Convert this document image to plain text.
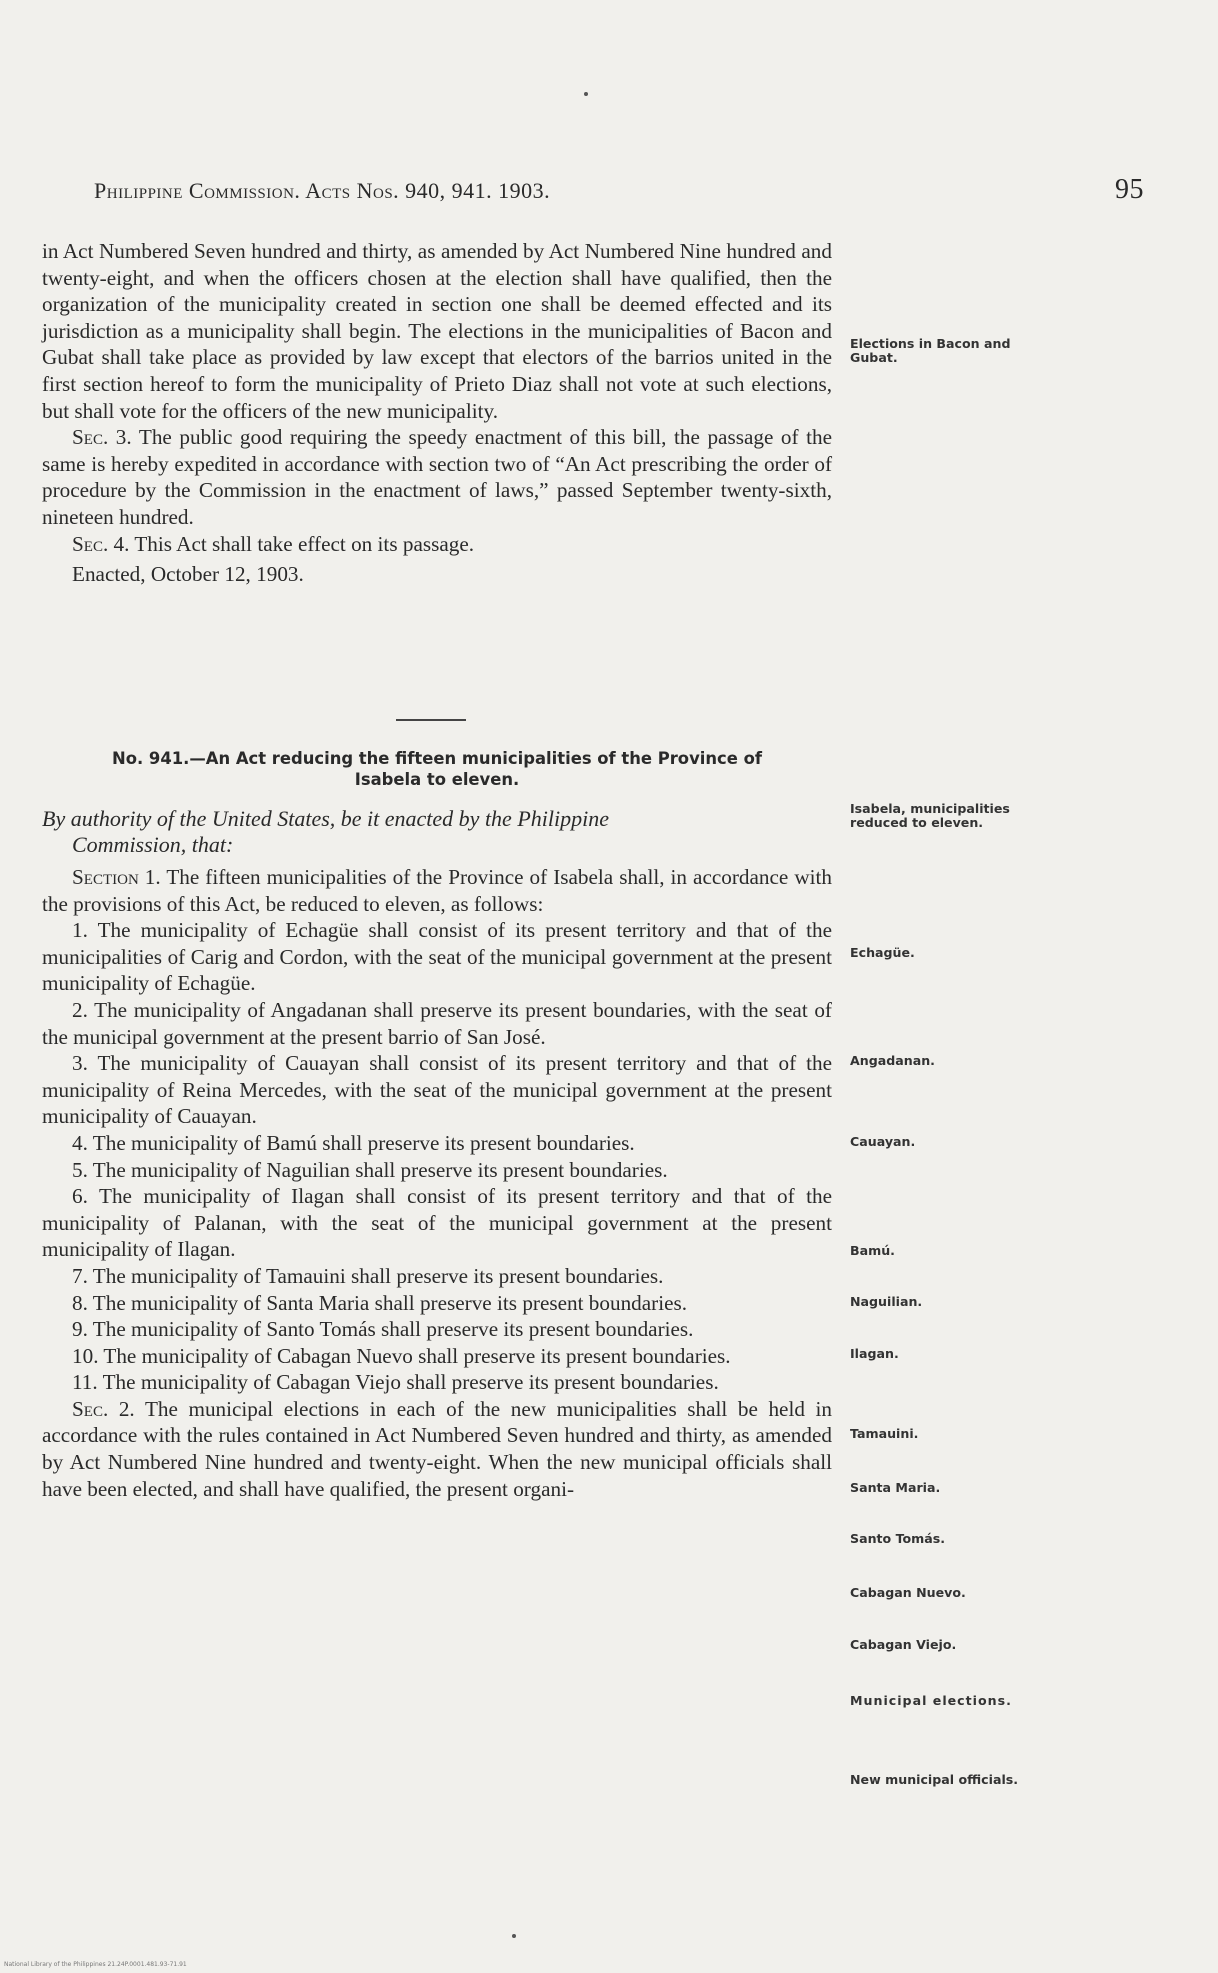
Philippine Commission. Acts Nos. 940, 941. 1903.	95

in Act Numbered Seven hundred and thirty, as amended by Act Numbered Nine hundred and twenty-eight, and when the officers chosen at the election shall have qualified, then the organization of the municipality created in section one shall be deemed effected and its jurisdiction as a municipality shall begin. The elections in the municipalities of Bacon and Gubat shall take place as provided by law except that electors of the barrios united in the first section hereof to form the municipality of Prieto Diaz shall not vote at such elections, but shall vote for the officers of the new municipality.

Sec. 3. The public good requiring the speedy enactment of this bill, the passage of the same is hereby expedited in accordance with section two of “An Act prescribing the order of procedure by the Commission in the enactment of laws,” passed September twenty-sixth, nineteen hundred.

Sec. 4. This Act shall take effect on its passage.

Enacted, October 12, 1903.

No. 941.—An Act reducing the fifteen municipalities of the Province of
Isabela to eleven.
By authority of the United States, be it enacted by the Philippine
Commission, that:

Section 1. The fifteen municipalities of the Province of Isabela shall, in accordance with the provisions of this Act, be reduced to eleven, as follows:

1. The municipality of Echagüe shall consist of its present territory and that of the municipalities of Carig and Cordon, with the seat of the municipal government at the present municipality of Echagüe.

2. The municipality of Angadanan shall preserve its present boundaries, with the seat of the municipal government at the present barrio of San José.

3. The municipality of Cauayan shall consist of its present territory and that of the municipality of Reina Mercedes, with the seat of the municipal government at the present municipality of Cauayan.

4. The municipality of Bamú shall preserve its present boundaries.

5. The municipality of Naguilian shall preserve its present boundaries.

6. The municipality of Ilagan shall consist of its present territory and that of the municipality of Palanan, with the seat of the municipal government at the present municipality of Ilagan.

7. The municipality of Tamauini shall preserve its present boundaries.

8. The municipality of Santa Maria shall preserve its present boundaries.

9. The municipality of Santo Tomás shall preserve its present boundaries.

10. The municipality of Cabagan Nuevo shall preserve its present boundaries.

11. The municipality of Cabagan Viejo shall preserve its present boundaries.

Sec. 2. The municipal elections in each of the new municipalities shall be held in accordance with the rules contained in Act Numbered Seven hundred and thirty, as amended by Act Numbered Nine hundred and twenty-eight. When the new municipal officials shall have been elected, and shall have qualified, the present organi-

Elections in Bacon and Gubat.
Isabela, municipalities reduced to eleven.
Echagüe.
Angadanan.
Cauayan.
Bamú.
Naguilian.
Ilagan.
Tamauini.
Santa Maria.
Santo Tomás.
Cabagan Nuevo.
Cabagan Viejo.
Municipal elections.
New municipal officials.
National Library of the Philippines 21.24P.0001.481.93-71.91
